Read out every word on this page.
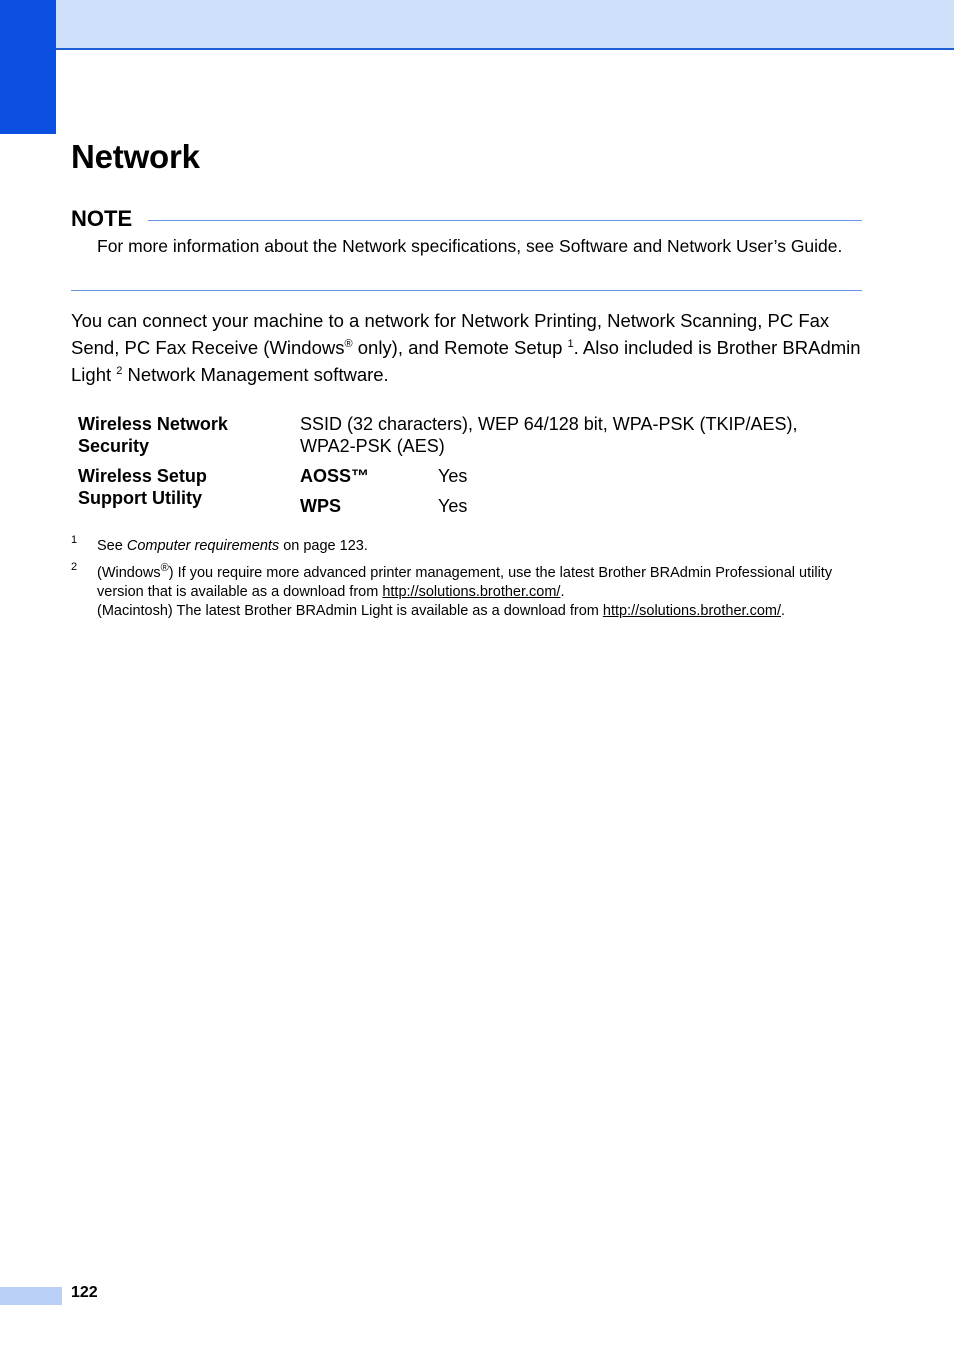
Network
NOTE
For more information about the Network specifications, see Software and Network User’s Guide.
You can connect your machine to a network for Network Printing, Network Scanning, PC Fax Send, PC Fax Receive (Windows® only), and Remote Setup $^1$. Also included is Brother BRAdmin Light $^2$ Network Management software.
Wireless Network
Security
SSID (32 characters), WEP 64/128 bit, WPA-PSK (TKIP/AES),
WPA2-PSK (AES)
Wireless Setup
Support Utility
AOSS™	Yes
WPS	Yes
1 See Computer requirements on page 123.
2 (Windows®) If you require more advanced printer management, use the latest Brother BRAdmin Professional utility version that is available as a download from http://solutions.brother.com/.
(Macintosh) The latest Brother BRAdmin Light is available as a download from http://solutions.brother.com/.
122
